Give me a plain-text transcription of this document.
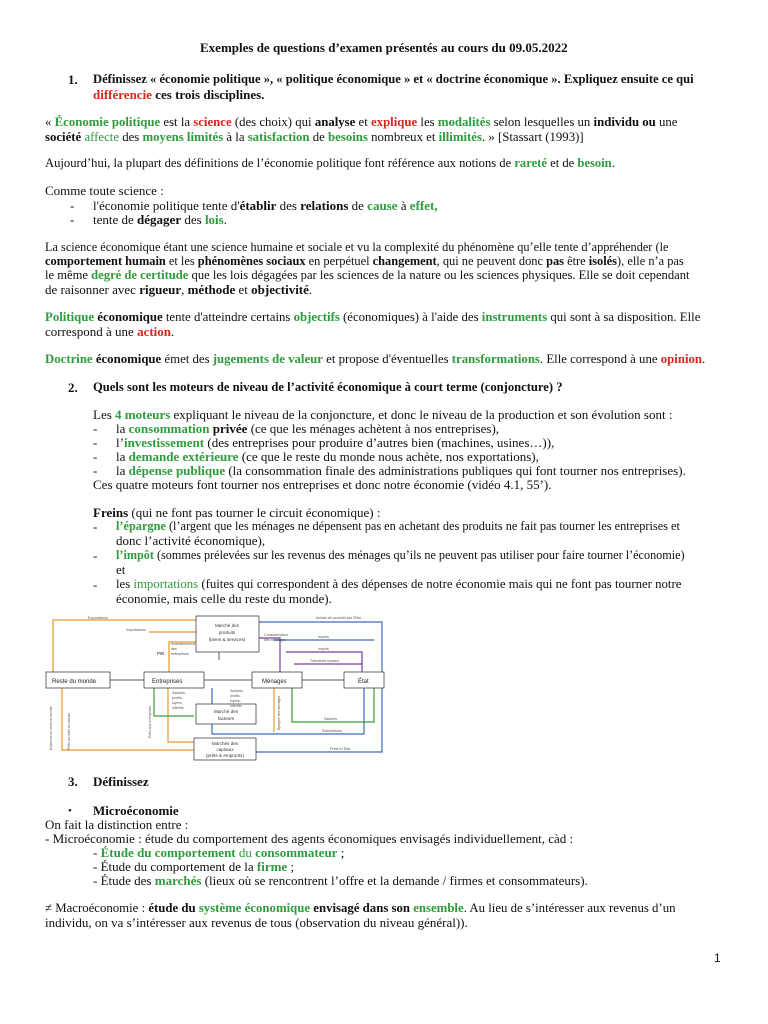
Exemples de questions d’examen présentés au cours du 09.05.2022
1. Définissez « économie politique », « politique économique » et « doctrine économique ». Expliquez ensuite ce qui
différencie ces trois disciplines.
« Économie politique est la science (des choix) qui analyse et explique les modalités selon lesquelles un individu ou une
société affecte des moyens limités à la satisfaction de besoins nombreux et illimités. » [Stassart (1993)]
Aujourd’hui, la plupart des définitions de l’économie politique font référence aux notions de rareté et de besoin.
Comme toute science :
- l'économie politique tente d'établir des relations de cause à effet,
- tente de dégager des lois.
La science économique étant une science humaine et sociale et vu la complexité du phénomène qu’elle tente d’appréhender (le
comportement humain et les phénomènes sociaux en perpétuel changement, qui ne peuvent donc pas être isolés), elle n’a pas
le même degré de certitude que les lois dégagées par les sciences de la nature ou les sciences physiques. Elle se doit cependant
de raisonner avec rigueur, méthode et objectivité.
Politique économique tente d'atteindre certains objectifs (économiques) à l'aide des instruments qui sont à sa disposition. Elle
correspond à une action.
Doctrine économique émet des jugements de valeur et propose d'éventuelles transformations. Elle correspond à une opinion.
2. Quels sont les moteurs de niveau de l’activité économique à court terme (conjoncture) ?
Les 4 moteurs expliquant le niveau de la conjoncture, et donc le niveau de la production et son évolution sont :
- la consommation privée (ce que les ménages achètent à nos entreprises),
- l’investissement (des entreprises pour produire d’autres bien (machines, usines…)),
- la demande extérieure (ce que le reste du monde nous achète, nos exportations),
- la dépense publique (la consommation finale des administrations publiques qui font tourner nos entreprises).
Ces quatre moteurs font tourner nos entreprises et donc notre économie (vidéo 4.1, 55’).
Freins (qui ne font pas tourner le circuit économique) :
- l’épargne (l’argent que les ménages ne dépensent pas en achetant des produits ne fait pas tourner les entreprises et
donc l’activité économique),
- l’impôt (sommes prélevées sur les revenus des ménages qu’ils ne peuvent pas utiliser pour faire tourner l’économie)
et
- les importations (fuites qui correspondent à des dépenses de notre économie mais qui ne font pas tourner notre
économie, mais celle du reste du monde).
Reste du monde	Entreprises	Ménages	État
Marché des
produits
(biens & services)
Marché des
facteurs
Marchés des
capitaux
(prêts & emprunts)
Exportations
Importations
PIB
Investissement
des
entreprises
Consommation
des ménages
Achats de produits par l'État
Impôts
Impôts
Transferts sociaux
Salaires
Subventions
Prêts à l'État
Salaires,
profits,
loyers,
intérêts
Salaires,
profits,
loyers,
intérêts	Épargne des ménages
Prêts aux entreprises
Emprunts au reste du monde	Prêts au reste du monde
3. Définissez
• Microéconomie
On fait la distinction entre :
- Microéconomie : étude du comportement des agents économiques envisagés individuellement, càd :
- Étude du comportement du consommateur ;
- Étude du comportement de la firme ;
- Étude des marchés (lieux où se rencontrent l’offre et la demande / firmes et consommateurs).
≠ Macroéconomie : étude du système économique envisagé dans son ensemble. Au lieu de s’intéresser aux revenus d’un
individu, on va s’intéresser aux revenus de tous (observation du niveau général)).
1
